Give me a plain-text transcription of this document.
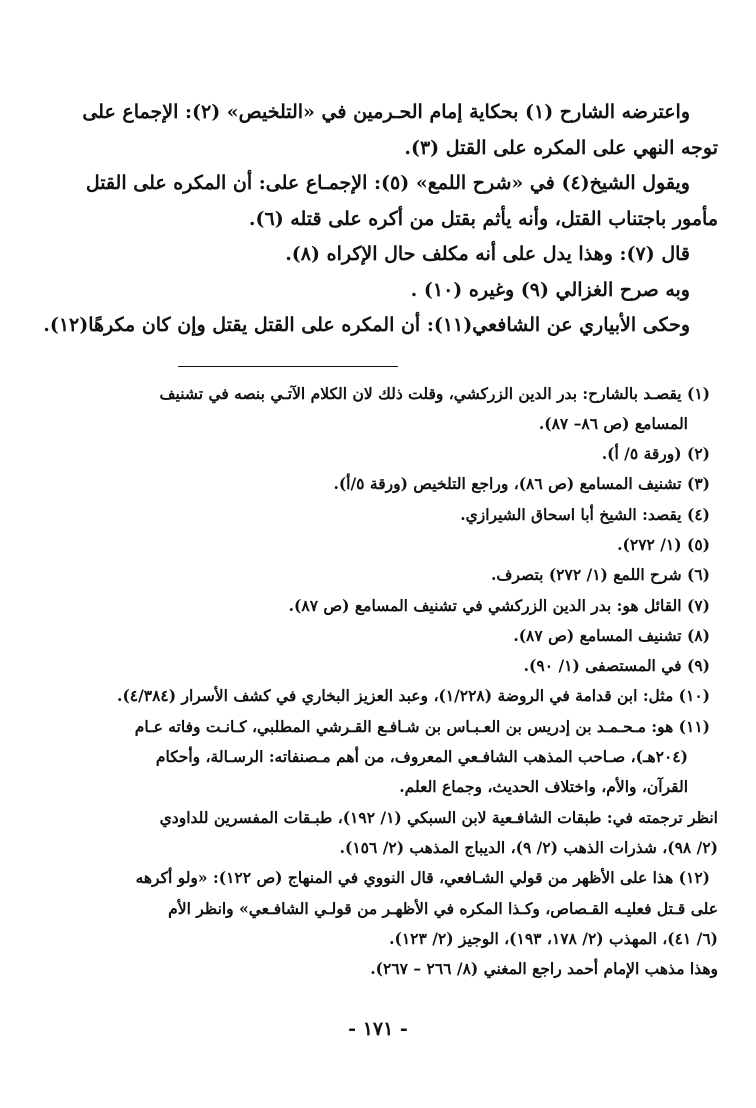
واعترضه الشارح (١) بحكاية إمام الحـرمين في «التلخيص» (٢): الإجماع على

توجه النهي على المكره على القتل (٣).

ويقول الشيخ(٤) في «شرح اللمع» (٥): الإجمـاع على: أن المكره على القتل

مأمور باجتناب القتل، وأنه يأثم بقتل من أكره على قتله (٦).

قال (٧): وهذا يدل على أنه مكلف حال الإكراه (٨).

وبه صرح الغزالي (٩) وغيره (١٠) .

وحكى الأبياري عن الشافعي(١١): أن المكره على القتل يقتل وإن كان مكرهًا(١٢).

(١) يقصـد بالشارح: بدر الدين الزركشي، وقلت ذلك لان الكلام الآتـي بنصه في تشنيف

المسامع (ص ٨٦– ٨٧).

(٢) (ورقة ٥/ أ).

(٣) تشنيف المسامع (ص ٨٦)، وراجع التلخيص (ورقة ٥/أ).

(٤) يقصد: الشيخ أبا اسحاق الشيرازي.

(٥) (١/ ٢٧٢).

(٦) شرح اللمع (١/ ٢٧٢) بتصرف.

(٧) القائل هو: بدر الدين الزركشي في تشنيف المسامع (ص ٨٧).

(٨) تشنيف المسامع (ص ٨٧).

(٩) في المستصفى (١/ ٩٠).

(١٠) مثل: ابن قدامة في الروضة (١/٢٢٨)، وعبد العزيز البخاري في كشف الأسرار (٤/٣٨٤).

(١١) هو: مـحـمـد بن إدريس بن العـبـاس بن شـافـع القـرشي المطلبي، كـانـت وفاته عـام

(٢٠٤هـ)، صـاحب المذهب الشافـعي المعروف، من أهم مـصنفاته: الرسـالة، وأحكام

القرآن، والأم، واختلاف الحديث، وجماع العلم.

انظر ترجمته في: طبقات الشافـعية لابن السبكي (١/ ١٩٢)، طبـقات المفسرين للداودي

(٢/ ٩٨)، شذرات الذهب (٢/ ٩)، الديباج المذهب (٢/ ١٥٦).

(١٢) هذا على الأظهر من قولي الشـافعي، قال النووي في المنهاج (ص ١٢٢): «ولو أكرهه

على قـتل فعليـه القـصاص، وكـذا المكره في الأظهـر من قولـي الشافـعي» وانظر الأم

(٦/ ٤١)، المهذب (٢/ ١٧٨، ١٩٣)، الوجيز (٢/ ١٢٣).

وهذا مذهب الإمام أحمد راجع المغني (٨/ ٢٦٦ – ٢٦٧).

- ١٧١ -
